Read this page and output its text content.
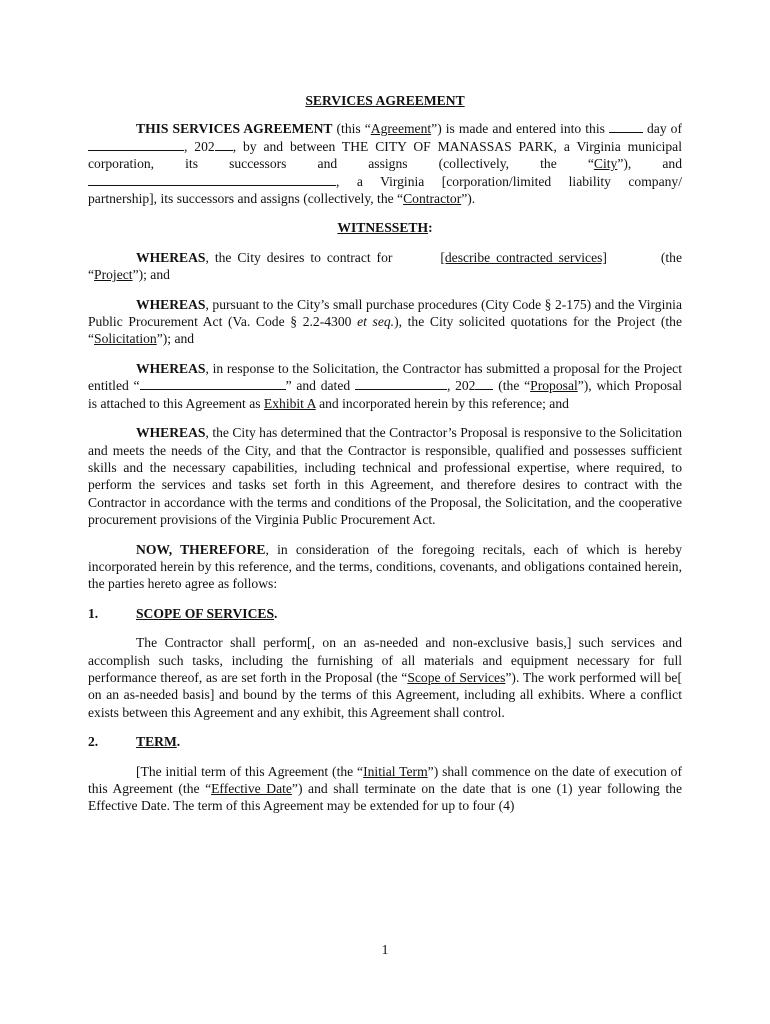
SERVICES AGREEMENT

THIS SERVICES AGREEMENT (this “Agreement”) is made and entered into this	day of , 202 , by and between THE CITY OF MANASSAS PARK, a Virginia municipal corporation, its successors and assigns (collectively, the “City”), and , a Virginia [corporation/limited liability company/ partnership], its successors and assigns (collectively, the “Contractor”).

WITNESSETH:

WHEREAS, the City desires to contract for	[describe contracted services]	(the “Project”); and

WHEREAS, pursuant to the City’s small purchase procedures (City Code § 2-175) and the Virginia Public Procurement Act (Va. Code § 2.2-4300 et seq.), the City solicited quotations for the Project (the “Solicitation”); and

WHEREAS, in response to the Solicitation, the Contractor has submitted a proposal for the Project entitled “	” and dated	, 202 (the “Proposal”), which Proposal is attached to this Agreement as Exhibit A and incorporated herein by this reference; and

WHEREAS, the City has determined that the Contractor’s Proposal is responsive to the Solicitation and meets the needs of the City, and that the Contractor is responsible, qualified and possesses sufficient skills and the necessary capabilities, including technical and professional expertise, where required, to perform the services and tasks set forth in this Agreement, and therefore desires to contract with the Contractor in accordance with the terms and conditions of the Proposal, the Solicitation, and the cooperative procurement provisions of the Virginia Public Procurement Act.

NOW, THEREFORE, in consideration of the foregoing recitals, each of which is hereby incorporated herein by this reference, and the terms, conditions, covenants, and obligations contained herein, the parties hereto agree as follows:

1.	SCOPE OF SERVICES .

The Contractor shall perform[, on an as-needed and non-exclusive basis,] such services and accomplish such tasks, including the furnishing of all materials and equipment necessary for full performance thereof, as are set forth in the Proposal (the “Scope of Services”). The work performed will be[ on an as-needed basis] and bound by the terms of this Agreement, including all exhibits. Where a conflict exists between this Agreement and any exhibit, this Agreement shall control.

2.	TERM .

[The initial term of this Agreement (the “Initial Term”) shall commence on the date of execution of this Agreement (the “Effective Date”) and shall terminate on the date that is one (1) year following the Effective Date. The term of this Agreement may be extended for up to four (4)

1
